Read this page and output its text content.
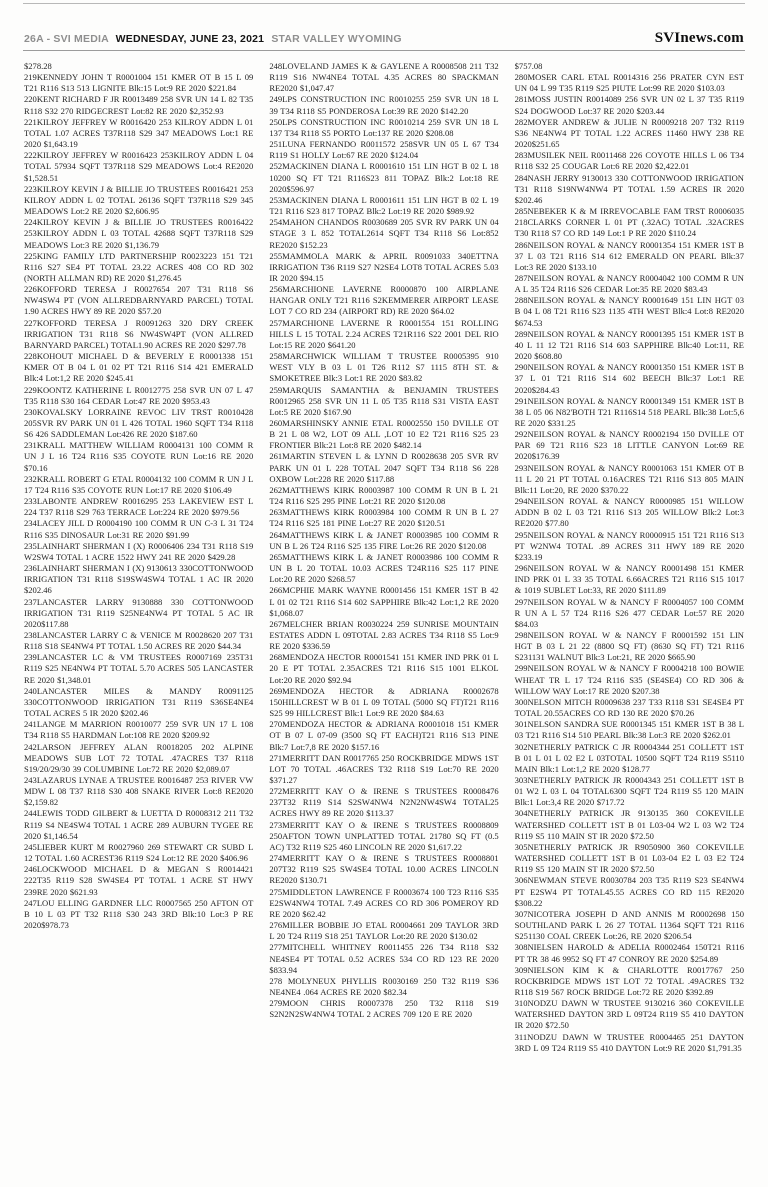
26A - SVI MEDIA WEDNESDAY, JUNE 23, 2021 STAR VALLEY WYOMING	SVInews.com

$278.28

219KENNEDY JOHN T R0001004 151 KMER OT B 15 L 09 T21 R116 S13 513 LIGNITE Blk:15 Lot:9 RE 2020 $221.84

220KENT RICHARD F JR R0013489 258 SVR UN 14 L 82 T35 R118 S32 270 RIDGECREST Lot:82 RE 2020 $2,352.93

221KILROY JEFFREY W R0016420 253 KILROY ADDN L 01 TOTAL 1.07 ACRES T37R118 S29 347 MEADOWS Lot:1 RE 2020 $1,643.19

222KILROY JEFFREY W R0016423 253KILROY ADDN L 04 TOTAL 57934 SQFT T37R118 S29 MEADOWS Lot:4 RE2020 $1,528.51

223KILROY KEVIN J & BILLIE JO TRUSTEES R0016421 253 KILROY ADDN L 02 TOTAL 26136 SQFT T37R118 S29 345 MEADOWS Lot:2 RE 2020 $2,606.95

224KILROY KEVIN J & BILLIE JO TRUSTEES R0016422 253KILROY ADDN L 03 TOTAL 42688 SQFT T37R118 S29 MEADOWS Lot:3 RE 2020 $1,136.79

225KING FAMILY LTD PARTNERSHIP R0023223 151 T21 R116 S27 SE4 PT TOTAL 23.22 ACRES 408 CO RD 302 (NORTH ALLMAN RD) RE 2020 $1,276.45

226KOFFORD TERESA J R0027654 207 T31 R118 S6 NW4SW4 PT (VON ALLREDBARNYARD PARCEL) TOTAL 1.90 ACRES HWY 89 RE 2020 $57.20

227KOFFORD TERESA J R0091263 320 DRY CREEK IRRIGATION T31 R118 S6 NW4SW4PT (VON ALLRED BARNYARD PARCEL) TOTAL1.90 ACRES RE 2020 $297.78

228KOHOUT MICHAEL D & BEVERLY E R0001338 151 KMER OT B 04 L 01 02 PT T21 R116 S14 421 EMERALD Blk:4 Lot:1,2 RE 2020 $245.41

229KOONTZ KATHERINE L R0012775 258 SVR UN 07 L 47 T35 R118 S30 164 CEDAR Lot:47 RE 2020 $953.43

230KOVALSKY LORRAINE REVOC LIV TRST R0010428 205SVR RV PARK UN 01 L 426 TOTAL 1960 SQFT T34 R118 S6 426 SADDLEMAN Lot:426 RE 2020 $187.60

231KRALL MATTHEW WILLIAM R0004131 100 COMM R UN J L 16 T24 R116 S35 COYOTE RUN Lot:16 RE 2020 $70.16

232KRALL ROBERT G ETAL R0004132 100 COMM R UN J L 17 T24 R116 S35 COYOTE RUN Lot:17 RE 2020 $106.49

233LABONTE ANDREW R0016295 253 LAKEVIEW EST L 224 T37 R118 S29 763 TERRACE Lot:224 RE 2020 $979.56

234LACEY JILL D R0004190 100 COMM R UN C-3 L 31 T24 R116 S35 DINOSAUR Lot:31 RE 2020 $91.99

235LAINHART SHERMAN I (X) R0006406 234 T31 R118 S19 W2SW4 TOTAL 1 ACRE 1522 HWY 241 RE 2020 $429.28

236LAINHART SHERMAN I (X) 9130613 330COTTONWOOD IRRIGATION T31 R118 S19SW4SW4 TOTAL 1 AC IR 2020 $202.46

237LANCASTER LARRY 9130888 330 COTTONWOOD IRRIGATION T31 R119 S25NE4NW4 PT TOTAL 5 AC IR 2020$117.88

238LANCASTER LARRY C & VENICE M R0028620 207 T31 R118 S18 SE4NW4 PT TOTAL 1.50 ACRES RE 2020 $44.34

239LANCASTER LC & VM TRUSTEES R0007169 235T31 R119 S25 NE4NW4 PT TOTAL 5.70 ACRES 505 LANCASTER RE 2020 $1,348.01

240LANCASTER MILES & MANDY R0091125 330COTTONWOOD IRRIGATION T31 R119 S36SE4NE4 TOTAL ACRES 5 IR 2020 $202.46

241LANGE M MARRION R0010077 259 SVR UN 17 L 108 T34 R118 S5 HARDMAN Lot:108 RE 2020 $209.92

242LARSON JEFFREY ALAN R0018205 202 ALPINE MEADOWS SUB LOT 72 TOTAL .47ACRES T37 R118 S19/20/29/30 39 COLUMBINE Lot:72 RE 2020 $2,089.07

243LAZARUS LYNAE A TRUSTEE R0016487 253 RIVER VW MDW L 08 T37 R118 S30 408 SNAKE RIVER Lot:8 RE2020 $2,159.82

244LEWIS TODD GILBERT & LUETTA D R0008312 211 T32 R119 S4 NE4SW4 TOTAL 1 ACRE 289 AUBURN TYGEE RE 2020 $1,146.54

245LIEBER KURT M R0027960 269 STEWART CR SUBD L 12 TOTAL 1.60 ACREST36 R119 S24 Lot:12 RE 2020 $406.96

246LOCKWOOD MICHAEL D & MEGAN S R0014421 222T35 R119 S28 SW4SE4 PT TOTAL 1 ACRE ST HWY 239RE 2020 $621.93

247LOU ELLING GARDNER LLC R0007565 250 AFTON OT B 10 L 03 PT T32 R118 S30 243 3RD Blk:10 Lot:3 P RE 2020$978.73

248LOVELAND JAMES K & GAYLENE A R0008508 211 T32 R119 S16 NW4NE4 TOTAL 4.35 ACRES 80 SPACKMAN RE2020 $1,047.47

249LPS CONSTRUCTION INC R0010255 259 SVR UN 18 L 39 T34 R118 S5 PONDEROSA Lot:39 RE 2020 $142.20

250LPS CONSTRUCTION INC R0010214 259 SVR UN 18 L 137 T34 R118 S5 PORTO Lot:137 RE 2020 $208.08

251LUNA FERNANDO R0011572 258SVR UN 05 L 67 T34 R119 S1 HOLLY Lot:67 RE 2020 $124.04

252MACKINEN DIANA L R0001610 151 LIN HGT B 02 L 18 10200 SQ FT T21 R116S23 811 TOPAZ Blk:2 Lot:18 RE 2020$596.97

253MACKINEN DIANA L R0001611 151 LIN HGT B 02 L 19 T21 R116 S23 817 TOPAZ Blk:2 Lot:19 RE 2020 $989.92

254MAHON CHANDOS R0030689 205 SVR RV PARK UN 04 STAGE 3 L 852 TOTAL2614 SQFT T34 R118 S6 Lot:852 RE2020 $152.23

255MAMMOLA MARK & APRIL R0091033 340ETTNA IRRIGATION T36 R119 S27 N2SE4 LOT8 TOTAL ACRES 5.03 IR 2020 $94.15

256MARCHIONE LAVERNE R0000870 100 AIRPLANE HANGAR ONLY T21 R116 S2KEMMERER AIRPORT LEASE LOT 7 CO RD 234 (AIRPORT RD) RE 2020 $64.02

257MARCHIONE LAVERNE R R0001554 151 ROLLING HILLS L 15 TOTAL 2.24 ACRES T21R116 S22 2001 DEL RIO Lot:15 RE 2020 $641.20

258MARCHWICK WILLIAM T TRUSTEE R0005395 910 WEST VLY B 03 L 01 T26 R112 S7 1115 8TH ST. & SMOKETREE Blk:3 Lot:1 RE 2020 $83.82

259MARQUIS SAMANTHA & BENJAMIN TRUSTEES R0012965 258 SVR UN 11 L 05 T35 R118 S31 VISTA EAST Lot:5 RE 2020 $167.90

260MARSHINSKY ANNIE ETAL R0002550 150 DVILLE OT B 21 L 08 W2, LOT 09 ALL ,LOT 10 E2 T21 R116 S25 23 FRONTIER Blk:21 Lot:8 RE 2020 $482.14

261MARTIN STEVEN L & LYNN D R0028638 205 SVR RV PARK UN 01 L 228 TOTAL 2047 SQFT T34 R118 S6 228 OXBOW Lot:228 RE 2020 $117.88

262MATTHEWS KIRK R0003987 100 COMM R UN B L 21 T24 R116 S25 295 PINE Lot:21 RE 2020 $120.08

263MATTHEWS KIRK R0003984 100 COMM R UN B L 27 T24 R116 S25 181 PINE Lot:27 RE 2020 $120.51

264MATTHEWS KIRK L & JANET R0003985 100 COMM R UN B L 26 T24 R116 S25 135 FIRE Lot:26 RE 2020 $120.08

265MATTHEWS KIRK L & JANET R0003986 100 COMM R UN B L 20 TOTAL 10.03 ACRES T24R116 S25 117 PINE Lot:20 RE 2020 $268.57

266MCPHIE MARK WAYNE R0001456 151 KMER 1ST B 42 L 01 02 T21 R116 S14 602 SAPPHIRE Blk:42 Lot:1,2 RE 2020 $1,068.07

267MELCHER BRIAN R0030224 259 SUNRISE MOUNTAIN ESTATES ADDN L 09TOTAL 2.83 ACRES T34 R118 S5 Lot:9 RE 2020 $336.59

268MENDOZA HECTOR R0001541 151 KMER IND PRK 01 L 20 E PT TOTAL 2.35ACRES T21 R116 S15 1001 ELKOL Lot:20 RE 2020 $92.94

269MENDOZA HECTOR & ADRIANA R0002678 150HILLCREST W B 01 L 09 TOTAL (5000 SQ FT)T21 R116 S25 99 HILLCREST Blk:1 Lot:9 RE 2020 $84.63

270MENDOZA HECTOR & ADRIANA R0001018 151 KMER OT B 07 L 07-09 (3500 SQ FT EACH)T21 R116 S13 PINE Blk:7 Lot:7,8 RE 2020 $157.16

271MERRITT DAN R0017765 250 ROCKBRIDGE MDWS 1ST LOT 70 TOTAL .46ACRES T32 R118 S19 Lot:70 RE 2020 $371.27

272MERRITT KAY O & IRENE S TRUSTEES R0008476 237T32 R119 S14 S2SW4NW4 N2N2NW4SW4 TOTAL25 ACRES HWY 89 RE 2020 $113.37

273MERRITT KAY O & IRENE S TRUSTEES R0008809 250AFTON TOWN UNPLATTED TOTAL 21780 SQ FT (0.5 AC) T32 R119 S25 460 LINCOLN RE 2020 $1,617.22

274MERRITT KAY O & IRENE S TRUSTEES R0008801 207T32 R119 S25 SW4SE4 TOTAL 10.00 ACRES LINCOLN RE2020 $130.71

275MIDDLETON LAWRENCE F R0003674 100 T23 R116 S35 E2SW4NW4 TOTAL 7.49 ACRES CO RD 306 POMEROY RD RE 2020 $62.42

276MILLER BOBBIE JO ETAL R0004661 209 TAYLOR 3RD L 20 T24 R119 S18 251 TAYLOR Lot:20 RE 2020 $130.02

277MITCHELL WHITNEY R0011455 226 T34 R118 S32 NE4SE4 PT TOTAL 0.52 ACRES 534 CO RD 123 RE 2020 $833.94

278 MOLYNEUX PHYLLIS R0030169 250 T32 R119 S36 NE4NE4 .064 ACRES RE 2020 $82.34

279MOON CHRIS R0007378 250 T32 R118 S19 S2N2N2SW4NW4 TOTAL 2 ACRES 709 120 E RE 2020

$757.08

280MOSER CARL ETAL R0014316 256 PRATER CYN EST UN 04 L 99 T35 R119 S25 PIUTE Lot:99 RE 2020 $103.03

281MOSS JUSTIN R0014089 256 SVR UN 02 L 37 T35 R119 S24 DOGWOOD Lot:37 RE 2020 $203.44

282MOYER ANDREW & JULIE N R0009218 207 T32 R119 S36 NE4NW4 PT TOTAL 1.22 ACRES 11460 HWY 238 RE 2020$251.65

283MUSILEK NEIL R0011468 226 COYOTE HILLS L 06 T34 R118 S32 25 COUGAR Lot:6 RE 2020 $2,422.01

284NASH JERRY 9130013 330 COTTONWOOD IRRIGATION T31 R118 S19NW4NW4 PT TOTAL 1.59 ACRES IR 2020 $202.46

285NEBEKER K & M IRREVOCABLE FAM TRST R0006035 218CLARKS CORNER L 01 PT (.32AC) TOTAL .32ACRES T30 R118 S7 CO RD 149 Lot:1 P RE 2020 $110.24

286NEILSON ROYAL & NANCY R0001354 151 KMER 1ST B 37 L 03 T21 R116 S14 612 EMERALD ON PEARL Blk:37 Lot:3 RE 2020 $133.10

287NEILSON ROYAL & NANCY R0004042 100 COMM R UN A L 35 T24 R116 S26 CEDAR Lot:35 RE 2020 $83.43

288NEILSON ROYAL & NANCY R0001649 151 LIN HGT 03 B 04 L 08 T21 R116 S23 1135 4TH WEST Blk:4 Lot:8 RE2020 $674.53

289NEILSON ROYAL & NANCY R0001395 151 KMER 1ST B 40 L 11 12 T21 R116 S14 603 SAPPHIRE Blk:40 Lot:11, RE 2020 $608.80

290NEILSON ROYAL & NANCY R0001350 151 KMER 1ST B 37 L 01 T21 R116 S14 602 BEECH Blk:37 Lot:1 RE 2020$284.43

291NEILSON ROYAL & NANCY R0001349 151 KMER 1ST B 38 L 05 06 N82'BOTH T21 R116S14 518 PEARL Blk:38 Lot:5,6 RE 2020 $331.25

292NEILSON ROYAL & NANCY R0002194 150 DVILLE OT PAR 69 T21 R116 S23 18 LITTLE CANYON Lot:69 RE 2020$176.39

293NEILSON ROYAL & NANCY R0001063 151 KMER OT B 11 L 20 21 PT TOTAL 0.16ACRES T21 R116 S13 805 MAIN Blk:11 Lot:20, RE 2020 $370.22

294NEILSON ROYAL & NANCY R0000985 151 WILLOW ADDN B 02 L 03 T21 R116 S13 205 WILLOW Blk:2 Lot:3 RE2020 $77.80

295NEILSON ROYAL & NANCY R0000915 151 T21 R116 S13 PT W2NW4 TOTAL .89 ACRES 311 HWY 189 RE 2020 $233.19

296NEILSON ROYAL W & NANCY R0001498 151 KMER IND PRK 01 L 33 35 TOTAL 6.66ACRES T21 R116 S15 1017 & 1019 SUBLET Lot:33, RE 2020 $111.89

297NEILSON ROYAL W & NANCY F R0004057 100 COMM R UN A L 57 T24 R116 S26 477 CEDAR Lot:57 RE 2020 $84.03

298NEILSON ROYAL W & NANCY F R0001592 151 LIN HGT B 03 L 21 22 (8800 SQ FT) (8630 SQ FT) T21 R116 S231131 WALNUT Blk:3 Lot:21, RE 2020 $665.90

299NEILSON ROYAL W & NANCY F R0004218 100 BOWIE WHEAT TR L 17 T24 R116 S35 (SE4SE4) CO RD 306 & WILLOW WAY Lot:17 RE 2020 $207.38

300NELSON MITCH R0009638 237 T33 R118 S31 SE4SE4 PT TOTAL 20.55ACRES CO RD 130 RE 2020 $70.26

301NELSON SANDRA SUE R0001345 151 KMER 1ST B 38 L 03 T21 R116 S14 510 PEARL Blk:38 Lot:3 RE 2020 $262.01

302NETHERLY PATRICK C JR R0004344 251 COLLETT 1ST B 01 L 01 L 02 E2 L 03TOTAL 10500 SQFT T24 R119 S5110 MAIN Blk:1 Lot:1,2 RE 2020 $128.77

303NETHERLY PATRICK JR R0004343 251 COLLETT 1ST B 01 W2 L 03 L 04 TOTAL6300 SQFT T24 R119 S5 120 MAIN Blk:1 Lot:3,4 RE 2020 $717.72

304NETHERLY PATRICK JR 9130135 360 COKEVILLE WATERSHED COLLETT 1ST B 01 L03-04 W2 L 03 W2 T24 R119 S5 110 MAIN ST IR 2020 $72.50

305NETHERLY PATRICK JR R9050900 360 COKEVILLE WATERSHED COLLETT 1ST B 01 L03-04 E2 L 03 E2 T24 R119 S5 120 MAIN ST IR 2020 $72.50

306NEWMAN STEVE R0030784 203 T35 R119 S23 SE4NW4 PT E2SW4 PT TOTAL45.55 ACRES CO RD 115 RE2020 $308.22

307NICOTERA JOSEPH D AND ANNIS M R0002698 150 SOUTHLAND PARK L 26 27 TOTAL 11364 SQFT T21 R116 S251130 COAL CREEK Lot:26, RE 2020 $206.54

308NIELSEN HAROLD & ADELIA R0002464 150T21 R116 PT TR 38 46 9952 SQ FT 47 CONROY RE 2020 $254.89

309NIELSON KIM K & CHARLOTTE R0017767 250 ROCKBRIDGE MDWS 1ST LOT 72 TOTAL .49ACRES T32 R118 S19 567 ROCK BRIDGE Lot:72 RE 2020 $392.89

310NODZU DAWN W TRUSTEE 9130216 360 COKEVILLE WATERSHED DAYTON 3RD L 09T24 R119 S5 410 DAYTON IR 2020 $72.50

311NODZU DAWN W TRUSTEE R0004465 251 DAYTON 3RD L 09 T24 R119 S5 410 DAYTON Lot:9 RE 2020 $1,791.35
